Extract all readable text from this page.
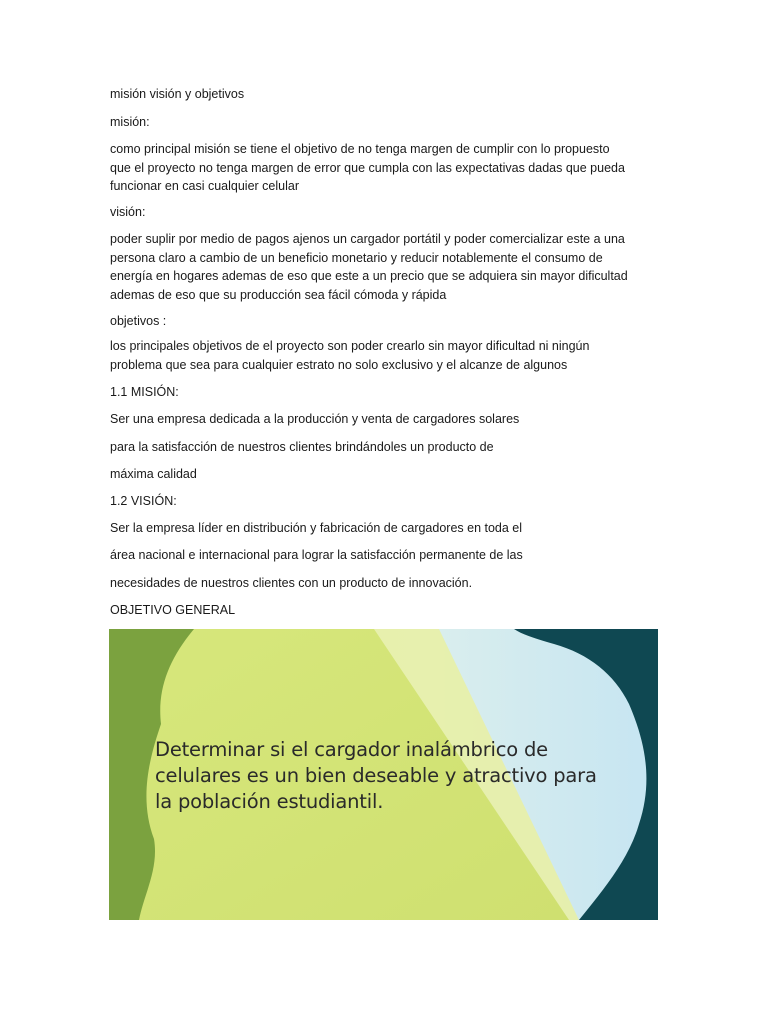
misión visión y objetivos
misión:
como principal misión se tiene el objetivo de no tenga margen de cumplir con lo propuesto
que el proyecto no tenga margen de error que cumpla con las expectativas dadas que pueda
funcionar en casi cualquier celular
visión:
poder suplir por medio de pagos ajenos un cargador portátil y poder comercializar este a una
persona claro a cambio de un beneficio monetario y reducir notablemente el consumo de
energía en hogares ademas de eso que este a un precio que se adquiera sin mayor dificultad
ademas de eso que su producción sea fácil cómoda y rápida
objetivos :
los principales objetivos de el proyecto son poder crearlo sin mayor dificultad ni ningún
problema que sea para cualquier estrato no solo exclusivo y el alcanze de algunos
1.1 MISIÓN:
Ser una empresa dedicada a la producción y venta de cargadores solares
para la satisfacción de nuestros clientes brindándoles un producto de
máxima calidad
1.2 VISIÓN:
Ser la empresa líder en distribución y fabricación de cargadores en toda el
área nacional e internacional para lograr la satisfacción permanente de las
necesidades de nuestros clientes con un producto de innovación.
OBJETIVO GENERAL
Determinar si el cargador inalámbrico de
celulares es un bien deseable y atractivo para
la población estudiantil.
